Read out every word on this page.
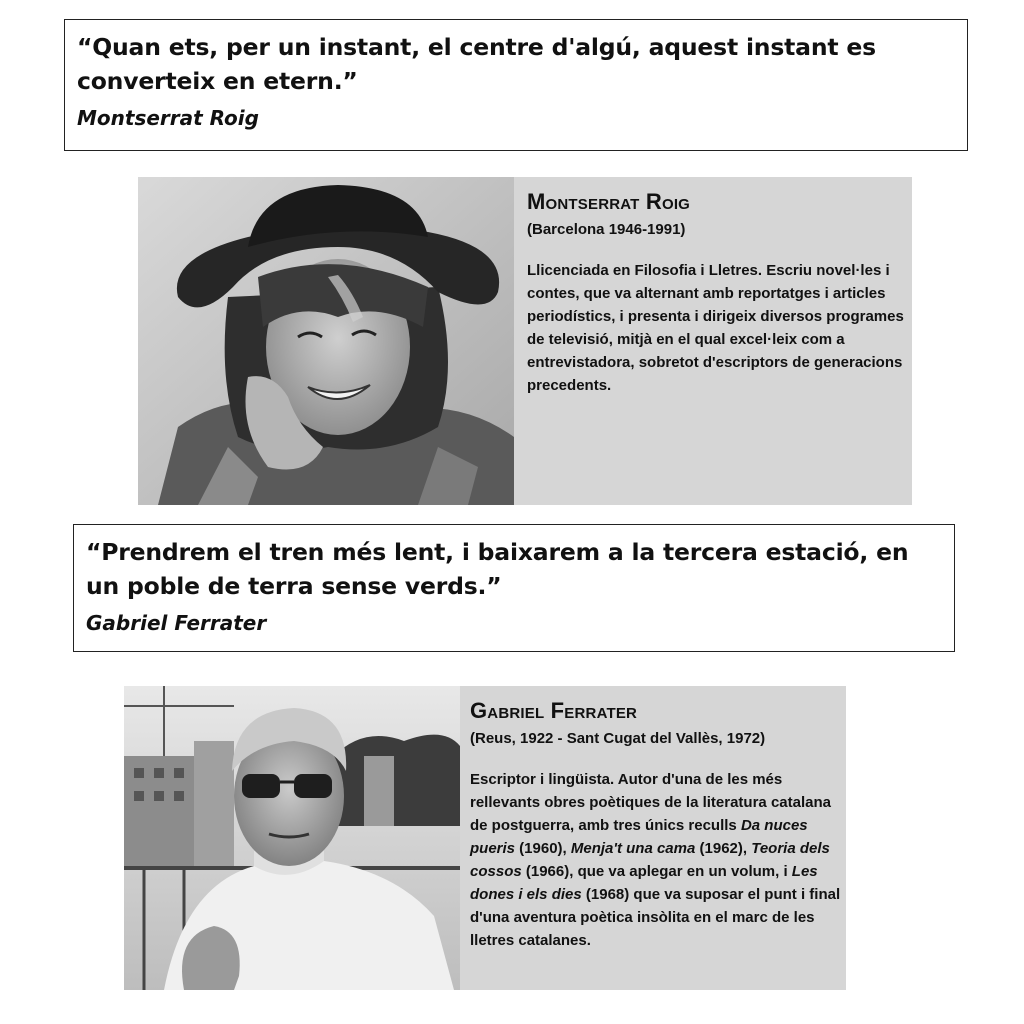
“Quan ets, per un instant, el centre d'algú, aquest instant es converteix en etern.”

Montserrat Roig
Montserrat Roig
(Barcelona 1946-1991)
Llicenciada en Filosofia i Lletres. Escriu novel·les i contes, que va alternant amb reportatges i articles periodístics, i presenta i dirigeix diversos programes de televisió, mitjà en el qual excel·leix com a entrevistadora, sobretot d'escriptors de generacions precedents.

“Prendrem el tren més lent, i baixarem a la tercera estació, en un poble de terra sense verds.”

Gabriel Ferrater
Gabriel Ferrater
(Reus, 1922 - Sant Cugat del Vallès, 1972)
Escriptor i lingüista. Autor d'una de les més rellevants obres poètiques de la literatura catalana de postguerra, amb tres únics reculls Da nuces pueris (1960), Menja't una cama (1962), Teoria dels cossos (1966), que va aplegar en un volum, i Les dones i els dies (1968) que va suposar el punt i final d'una aventura poètica insòlita en el marc de les lletres catalanes.
